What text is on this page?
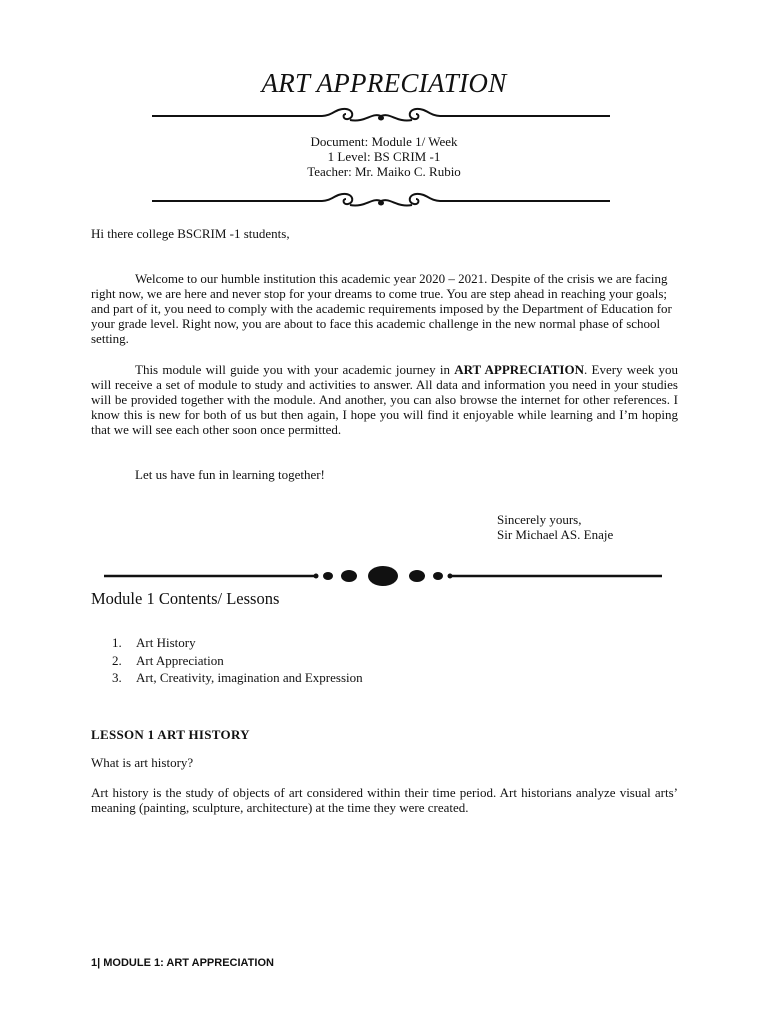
ART APPRECIATION
Document: Module 1/ Week
1 Level: BS CRIM -1
Teacher: Mr. Maiko C. Rubio
Hi there college BSCRIM -1 students,
Welcome to our humble institution this academic year 2020 – 2021. Despite of the crisis we are facing right now, we are here and never stop for your dreams to come true. You are step ahead in reaching your goals; and part of it, you need to comply with the academic requirements imposed by the Department of Education for your grade level. Right now, you are about to face this academic challenge in the new normal phase of school setting.
This module will guide you with your academic journey in ART APPRECIATION. Every week you will receive a set of module to study and activities to answer. All data and information you need in your studies will be provided together with the module. And another, you can also browse the internet for other references. I know this is new for both of us but then again, I hope you will find it enjoyable while learning and I’m hoping that we will see each other soon once permitted.
Let us have fun in learning together!
Sincerely yours,
Sir Michael AS. Enaje
Module 1 Contents/ Lessons
1. Art History
2. Art Appreciation
3. Art, Creativity, imagination and Expression
LESSON 1 ART HISTORY
What is art history?
Art history is the study of objects of art considered within their time period. Art historians analyze visual arts’ meaning (painting, sculpture, architecture) at the time they were created.
1| MODULE 1: ART APPRECIATION
